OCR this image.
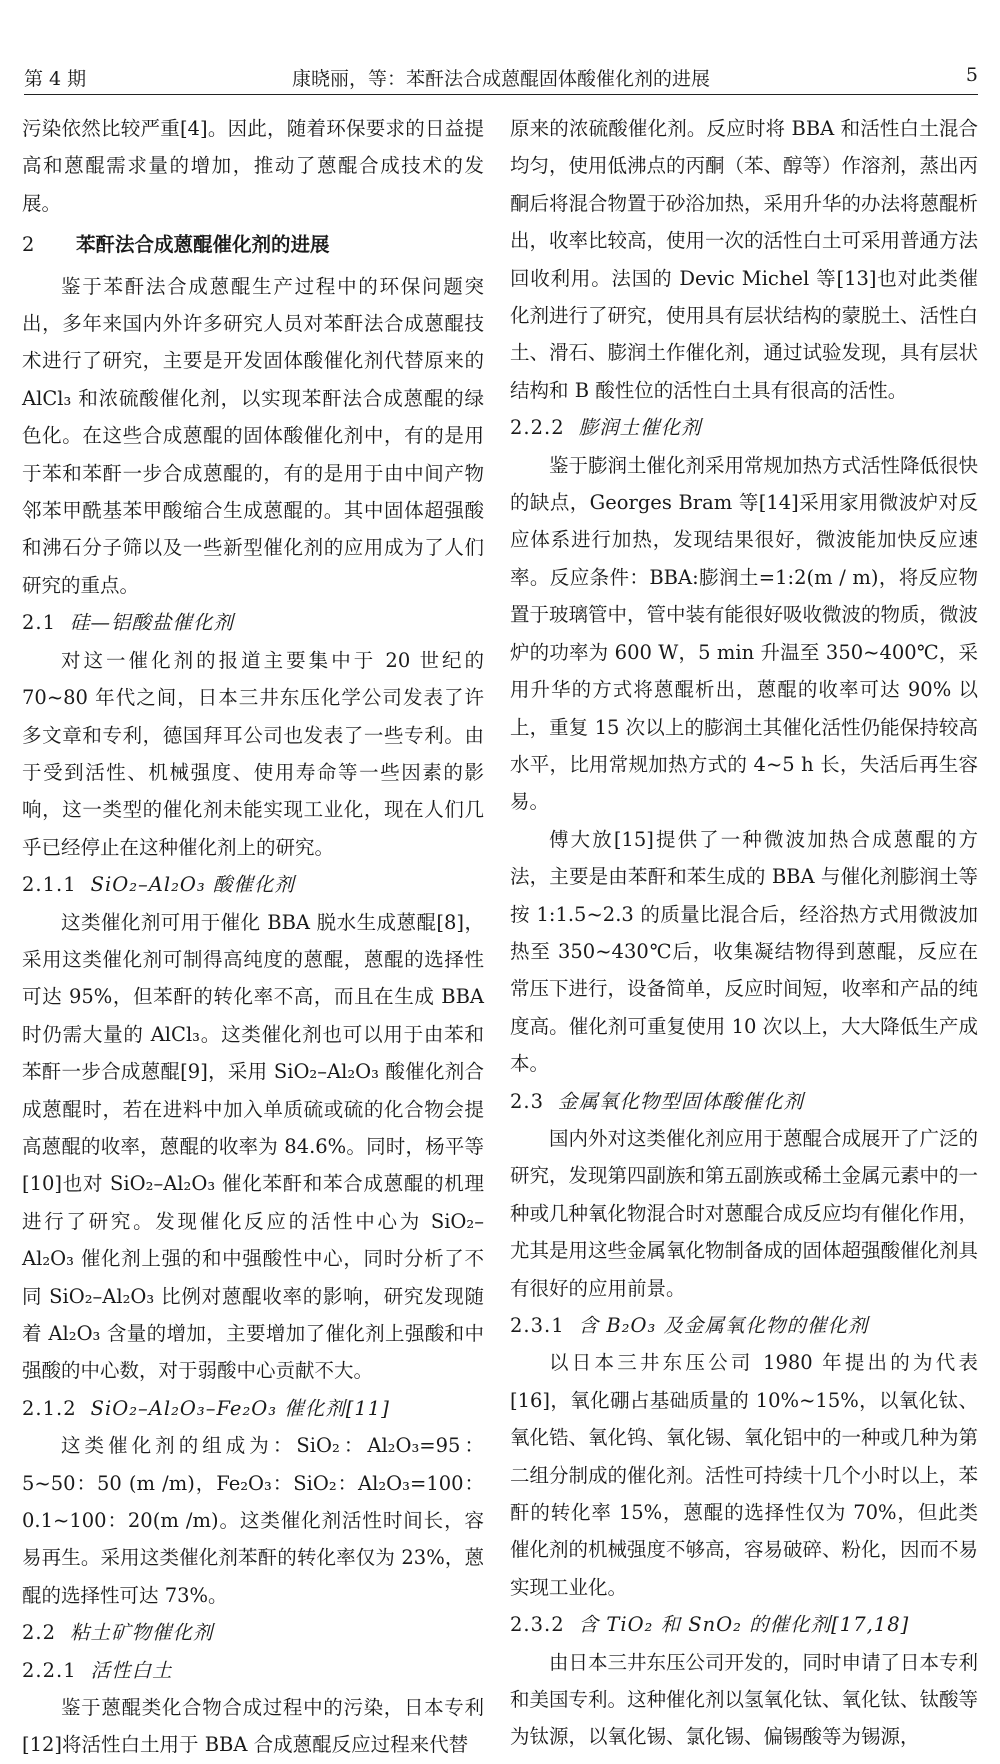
第 4 期	康晓丽，等：苯酐法合成蒽醌固体酸催化剂的进展	5

污染依然比较严重[4]。因此，随着环保要求的日益提高和蒽醌需求量的增加，推动了蒽醌合成技术的发展。

2 苯酐法合成蒽醌催化剂的进展

鉴于苯酐法合成蒽醌生产过程中的环保问题突出，多年来国内外许多研究人员对苯酐法合成蒽醌技术进行了研究，主要是开发固体酸催化剂代替原来的 AlCl₃ 和浓硫酸催化剂，以实现苯酐法合成蒽醌的绿色化。在这些合成蒽醌的固体酸催化剂中，有的是用于苯和苯酐一步合成蒽醌的，有的是用于由中间产物邻苯甲酰基苯甲酸缩合生成蒽醌的。其中固体超强酸和沸石分子筛以及一些新型催化剂的应用成为了人们研究的重点。

2.1 硅—铝酸盐催化剂

对这一催化剂的报道主要集中于 20 世纪的 70~80 年代之间，日本三井东压化学公司发表了许多文章和专利，德国拜耳公司也发表了一些专利。由于受到活性、机械强度、使用寿命等一些因素的影响，这一类型的催化剂未能实现工业化，现在人们几乎已经停止在这种催化剂上的研究。

2.1.1 SiO₂–Al₂O₃ 酸催化剂

这类催化剂可用于催化 BBA 脱水生成蒽醌[8]，采用这类催化剂可制得高纯度的蒽醌，蒽醌的选择性可达 95%，但苯酐的转化率不高，而且在生成 BBA 时仍需大量的 AlCl₃。这类催化剂也可以用于由苯和苯酐一步合成蒽醌[9]，采用 SiO₂–Al₂O₃ 酸催化剂合成蒽醌时，若在进料中加入单质硫或硫的化合物会提高蒽醌的收率，蒽醌的收率为 84.6%。同时，杨平等[10]也对 SiO₂–Al₂O₃ 催化苯酐和苯合成蒽醌的机理进行了研究。发现催化反应的活性中心为 SiO₂–Al₂O₃ 催化剂上强的和中强酸性中心，同时分析了不同 SiO₂–Al₂O₃ 比例对蒽醌收率的影响，研究发现随着 Al₂O₃ 含量的增加，主要增加了催化剂上强酸和中强酸的中心数，对于弱酸中心贡献不大。

2.1.2 SiO₂–Al₂O₃–Fe₂O₃ 催化剂[11]

这类催化剂的组成为：SiO₂：Al₂O₃=95：5~50：50 (m /m)，Fe₂O₃：SiO₂：Al₂O₃=100：0.1~100：20(m /m)。这类催化剂活性时间长，容易再生。采用这类催化剂苯酐的转化率仅为 23%，蒽醌的选择性可达 73%。

2.2 粘土矿物催化剂

2.2.1 活性白土

鉴于蒽醌类化合物合成过程中的污染，日本专利[12]将活性白土用于 BBA 合成蒽醌反应过程来代替

原来的浓硫酸催化剂。反应时将 BBA 和活性白土混合均匀，使用低沸点的丙酮（苯、醇等）作溶剂，蒸出丙酮后将混合物置于砂浴加热，采用升华的办法将蒽醌析出，收率比较高，使用一次的活性白土可采用普通方法回收利用。法国的 Devic Michel 等[13]也对此类催化剂进行了研究，使用具有层状结构的蒙脱土、活性白土、滑石、膨润土作催化剂，通过试验发现，具有层状结构和 B 酸性位的活性白土具有很高的活性。

2.2.2 膨润土催化剂

鉴于膨润土催化剂采用常规加热方式活性降低很快的缺点，Georges Bram 等[14]采用家用微波炉对反应体系进行加热，发现结果很好，微波能加快反应速率。反应条件：BBA:膨润土=1:2(m / m)，将反应物置于玻璃管中，管中装有能很好吸收微波的物质，微波炉的功率为 600 W，5 min 升温至 350~400℃，采用升华的方式将蒽醌析出，蒽醌的收率可达 90% 以上，重复 15 次以上的膨润土其催化活性仍能保持较高水平，比用常规加热方式的 4~5 h 长，失活后再生容易。

傅大放[15]提供了一种微波加热合成蒽醌的方法，主要是由苯酐和苯生成的 BBA 与催化剂膨润土等按 1:1.5~2.3 的质量比混合后，经浴热方式用微波加热至 350~430℃后，收集凝结物得到蒽醌，反应在常压下进行，设备简单，反应时间短，收率和产品的纯度高。催化剂可重复使用 10 次以上，大大降低生产成本。

2.3 金属氧化物型固体酸催化剂

国内外对这类催化剂应用于蒽醌合成展开了广泛的研究，发现第四副族和第五副族或稀土金属元素中的一种或几种氧化物混合时对蒽醌合成反应均有催化作用，尤其是用这些金属氧化物制备成的固体超强酸催化剂具有很好的应用前景。

2.3.1 含 B₂O₃ 及金属氧化物的催化剂

以日本三井东压公司 1980 年提出的为代表[16]，氧化硼占基础质量的 10%~15%，以氧化钛、氧化锆、氧化钨、氧化锡、氧化铝中的一种或几种为第二组分制成的催化剂。活性可持续十几个小时以上，苯酐的转化率 15%，蒽醌的选择性仅为 70%，但此类催化剂的机械强度不够高，容易破碎、粉化，因而不易实现工业化。

2.3.2 含 TiO₂ 和 SnO₂ 的催化剂[17,18]

由日本三井东压公司开发的，同时申请了日本专利和美国专利。这种催化剂以氢氧化钛、氧化钛、钛酸等为钛源，以氧化锡、氯化锡、偏锡酸等为锡源，
